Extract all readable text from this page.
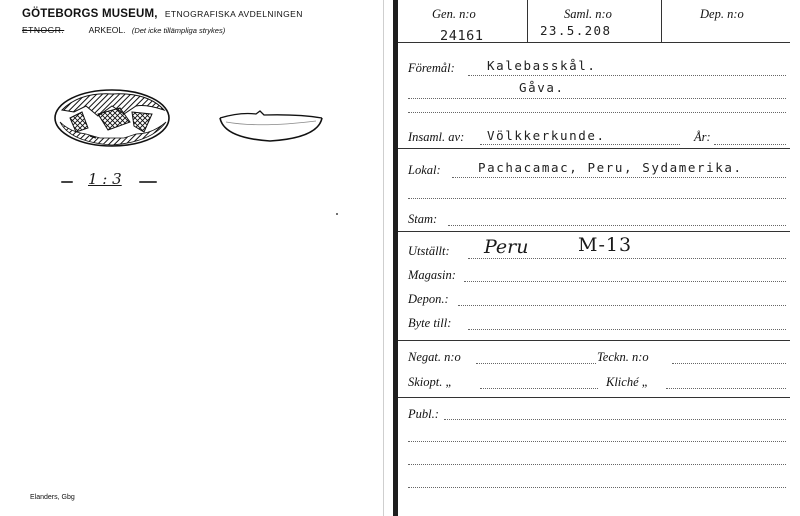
GÖTEBORGS MUSEUM, ETNOGRAFISKA AVDELNINGEN
ETNOGR.	ARKEOL. (Det icke tillämpliga strykes)
1 : 3
Elanders, Gbg
Gen. n:o
24161
Saml. n:o
23.5.208
Dep. n:o
Föremål:	Kalebasskål.
Gåva.
Insaml. av: Völkkerkunde.	År:
Lokal:	Pachacamac, Peru, Sydamerika.
Stam:
Utställt: Peru	M-13
Magasin:
Depon.:
Byte till:
Negat. n:o	Teckn. n:o
Skiopt. „	Kliché „
Publ.:
